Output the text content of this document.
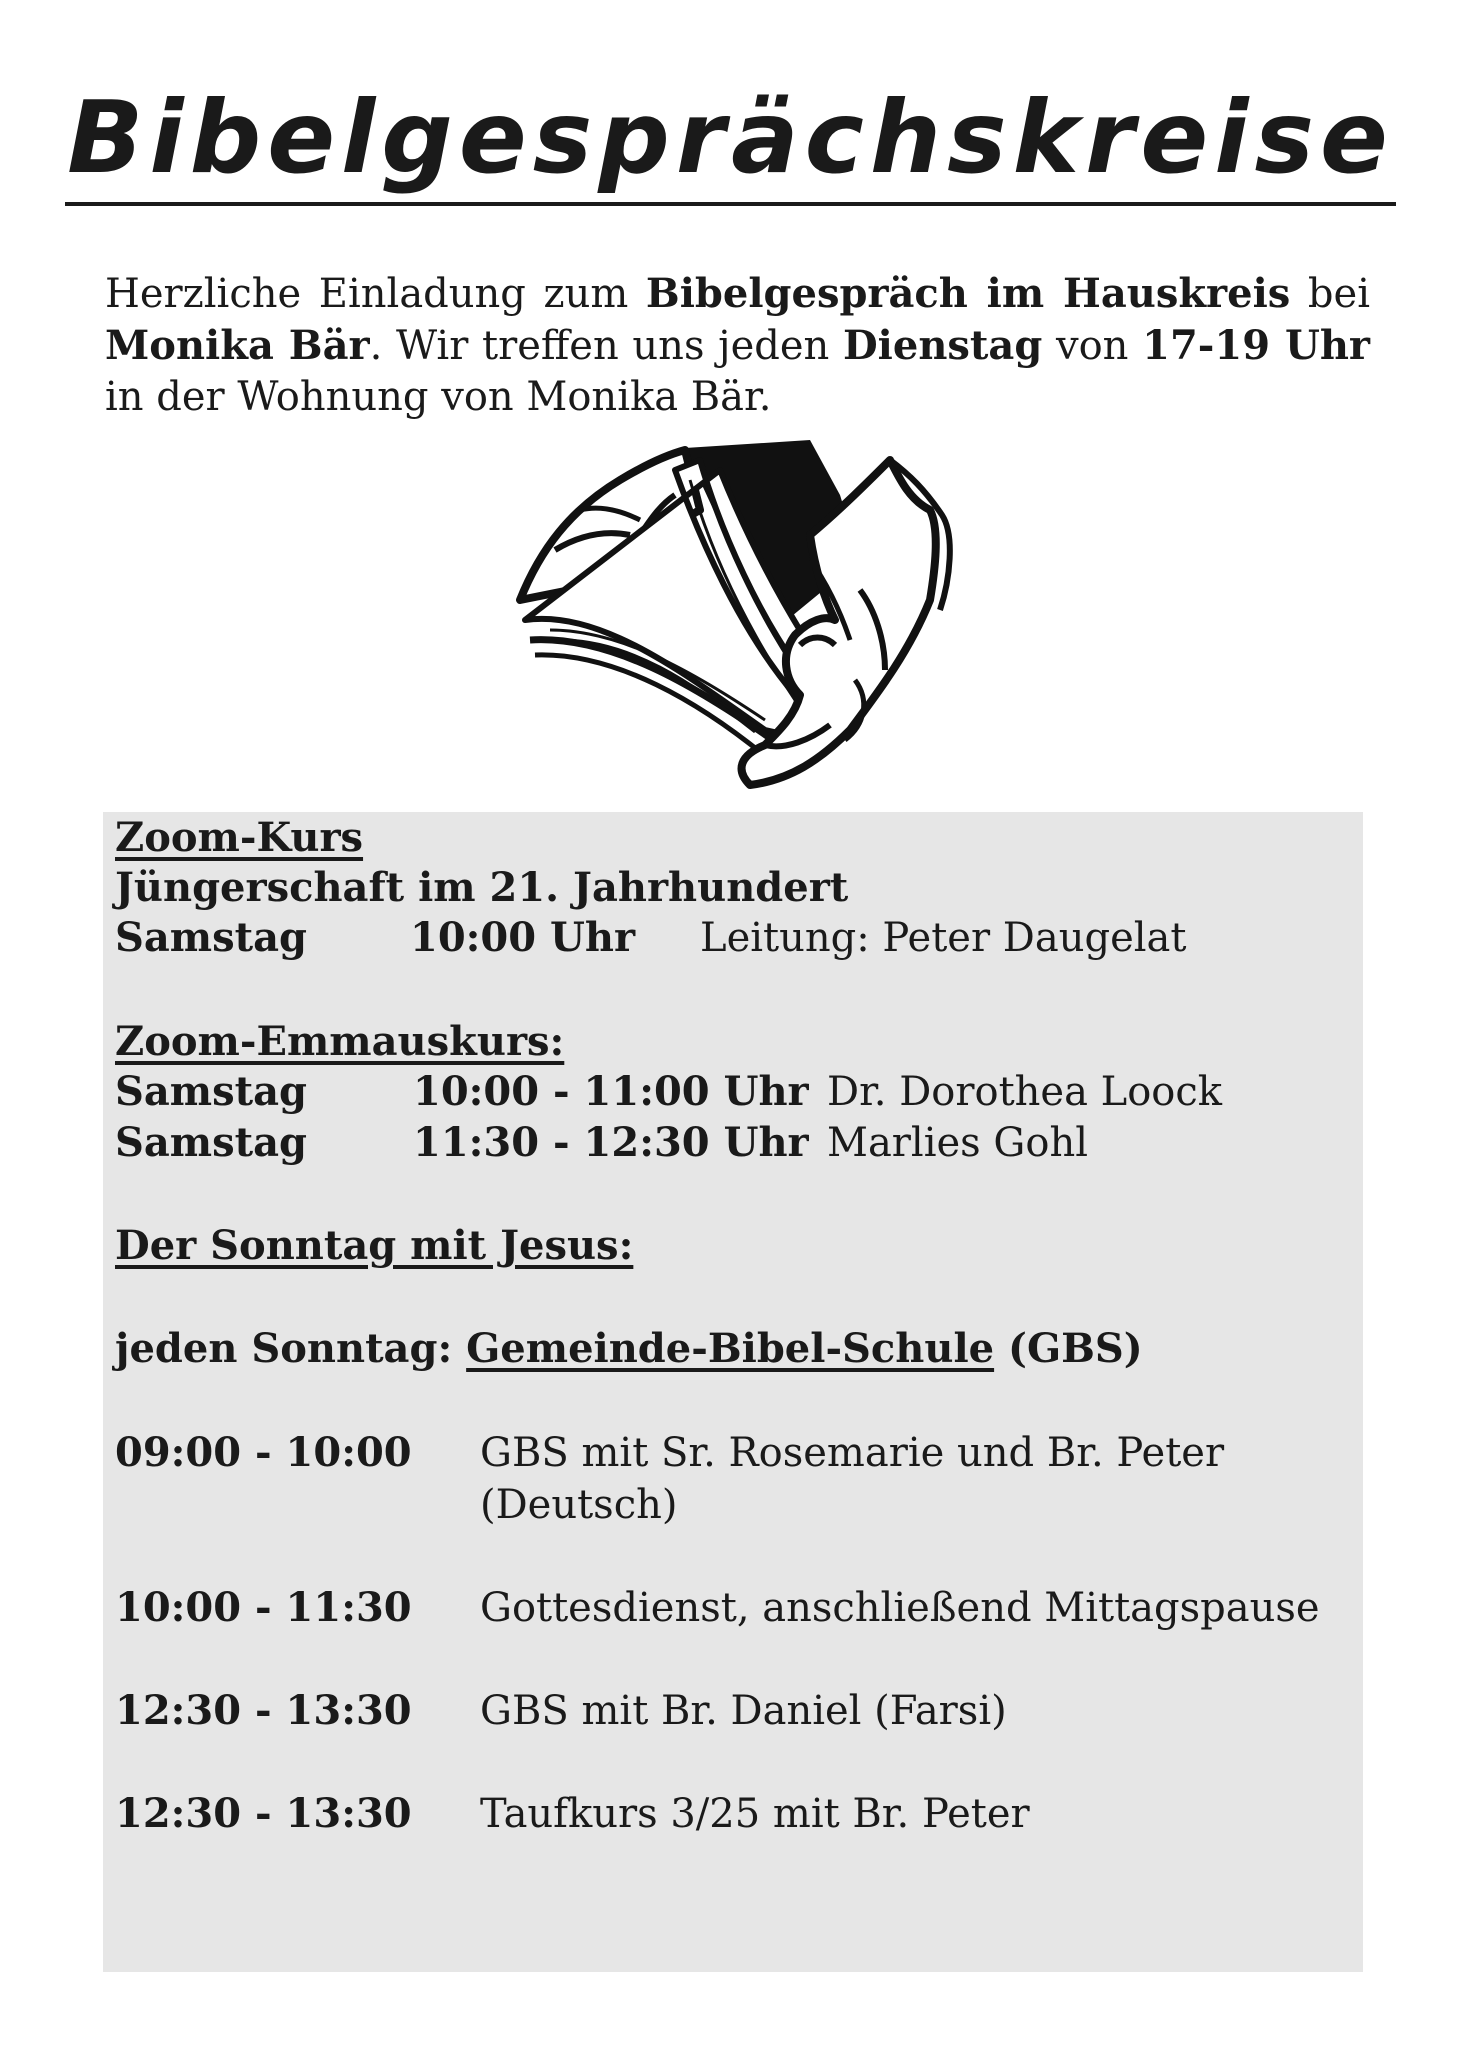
Bibelgesprächskreise
Herzliche Einladung zum Bibelgespräch im Hauskreis bei Monika Bär. Wir treffen uns jeden Dienstag von 17-19 Uhr in der Wohnung von Monika Bär.
Zoom-Kurs
Jüngerschaft im 21. Jahrhundert
Samstag	10:00 Uhr Leitung: Peter Daugelat
Zoom-Emmauskurs:
Samstag	10:00 - 11:00 Uhr Dr. Dorothea Loock
Samstag	11:30 - 12:30 Uhr Marlies Gohl
Der Sonntag mit Jesus:
jeden Sonntag: Gemeinde-Bibel-Schule (GBS)
09:00 - 10:00 GBS mit Sr. Rosemarie und Br. Peter
(Deutsch)
10:00 - 11:30 Gottesdienst, anschließend Mittagspause
12:30 - 13:30 GBS mit Br. Daniel (Farsi)
12:30 - 13:30 Taufkurs 3/25 mit Br. Peter
